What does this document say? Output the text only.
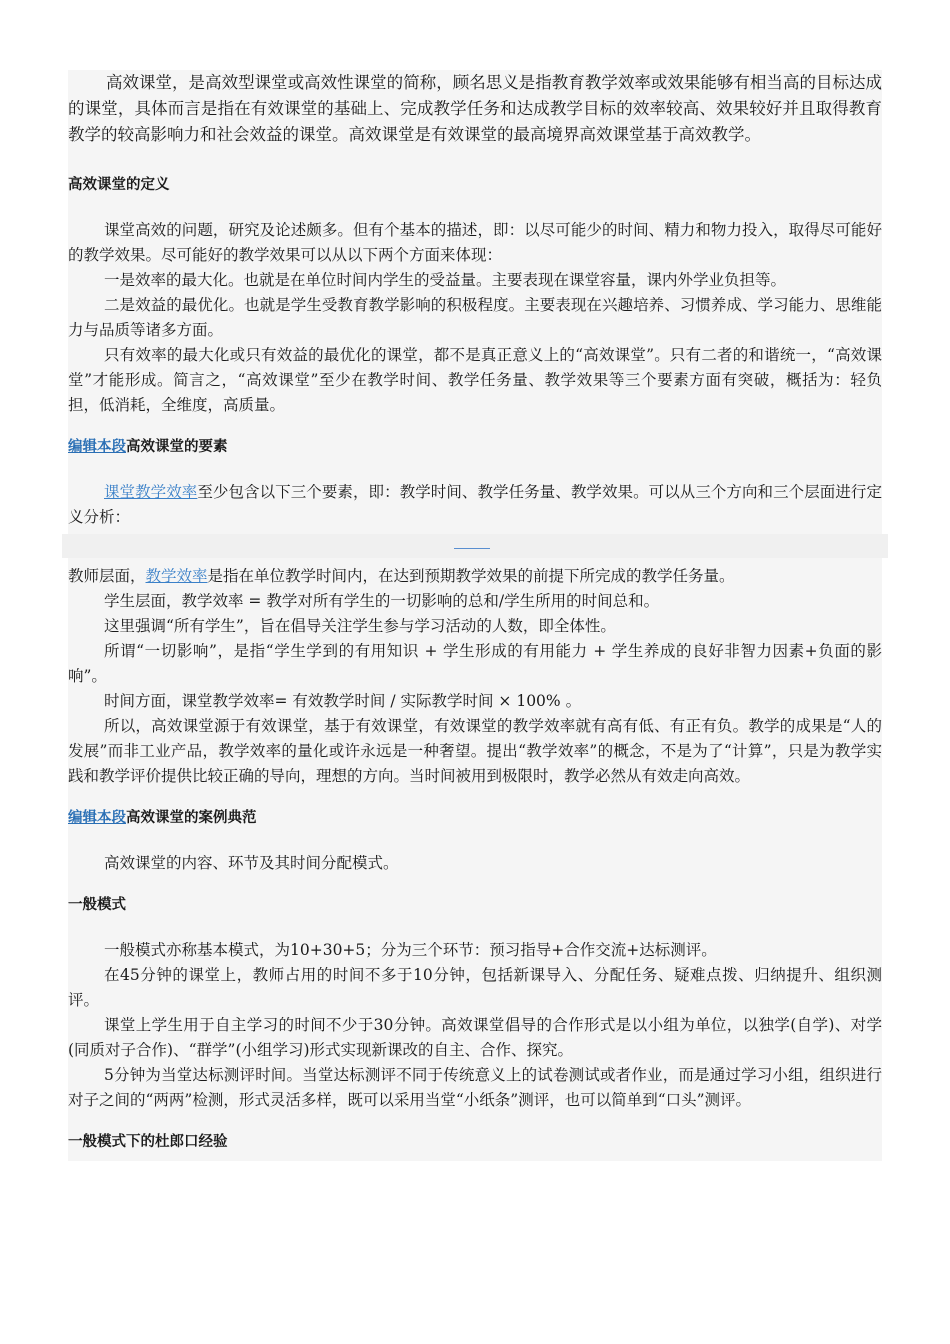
高效课堂，是高效型课堂或高效性课堂的简称，顾名思义是指教育教学效率或效果能够有相当高的目标达成的课堂，具体而言是指在有效课堂的基础上、完成教学任务和达成教学目标的效率较高、效果较好并且取得教育教学的较高影响力和社会效益的课堂。高效课堂是有效课堂的最高境界高效课堂基于高效教学。

高效课堂的定义

课堂高效的问题，研究及论述颇多。但有个基本的描述，即：以尽可能少的时间、精力和物力投入，取得尽可能好的教学效果。尽可能好的教学效果可以从以下两个方面来体现：

一是效率的最大化。也就是在单位时间内学生的受益量。主要表现在课堂容量，课内外学业负担等。

二是效益的最优化。也就是学生受教育教学影响的积极程度。主要表现在兴趣培养、习惯养成、学习能力、思维能力与品质等诸多方面。

只有效率的最大化或只有效益的最优化的课堂，都不是真正意义上的“高效课堂”。只有二者的和谐统一，“高效课堂”才能形成。简言之，“高效课堂”至少在教学时间、教学任务量、教学效果等三个要素方面有突破，概括为：轻负担，低消耗，全维度，高质量。

编辑本段高效课堂的要素

课堂教学效率至少包含以下三个要素，即：教学时间、教学任务量、教学效果。可以从三个方向和三个层面进行定义分析：

教师层面，教学效率是指在单位教学时间内，在达到预期教学效果的前提下所完成的教学任务量。

学生层面，教学效率 = 教学对所有学生的一切影响的总和/学生所用的时间总和。

这里强调“所有学生”，旨在倡导关注学生参与学习活动的人数，即全体性。

所谓“一切影响”，是指“学生学到的有用知识 + 学生形成的有用能力 + 学生养成的良好非智力因素+负面的影响”。

时间方面，课堂教学效率= 有效教学时间 / 实际教学时间 × 100% 。

所以，高效课堂源于有效课堂，基于有效课堂，有效课堂的教学效率就有高有低、有正有负。教学的成果是“人的发展”而非工业产品，教学效率的量化或许永远是一种奢望。提出“教学效率”的概念，不是为了“计算”，只是为教学实践和教学评价提供比较正确的导向，理想的方向。当时间被用到极限时，教学必然从有效走向高效。

编辑本段高效课堂的案例典范

高效课堂的内容、环节及其时间分配模式。

一般模式

一般模式亦称基本模式，为10+30+5；分为三个环节：预习指导+合作交流+达标测评。

在45分钟的课堂上，教师占用的时间不多于10分钟，包括新课导入、分配任务、疑难点拨、归纳提升、组织测评。

课堂上学生用于自主学习的时间不少于30分钟。高效课堂倡导的合作形式是以小组为单位，以独学(自学)、对学(同质对子合作)、“群学”(小组学习)形式实现新课改的自主、合作、探究。

5分钟为当堂达标测评时间。当堂达标测评不同于传统意义上的试卷测试或者作业，而是通过学习小组，组织进行对子之间的“两两”检测，形式灵活多样，既可以采用当堂“小纸条”测评，也可以简单到“口头”测评。

一般模式下的杜郎口经验
